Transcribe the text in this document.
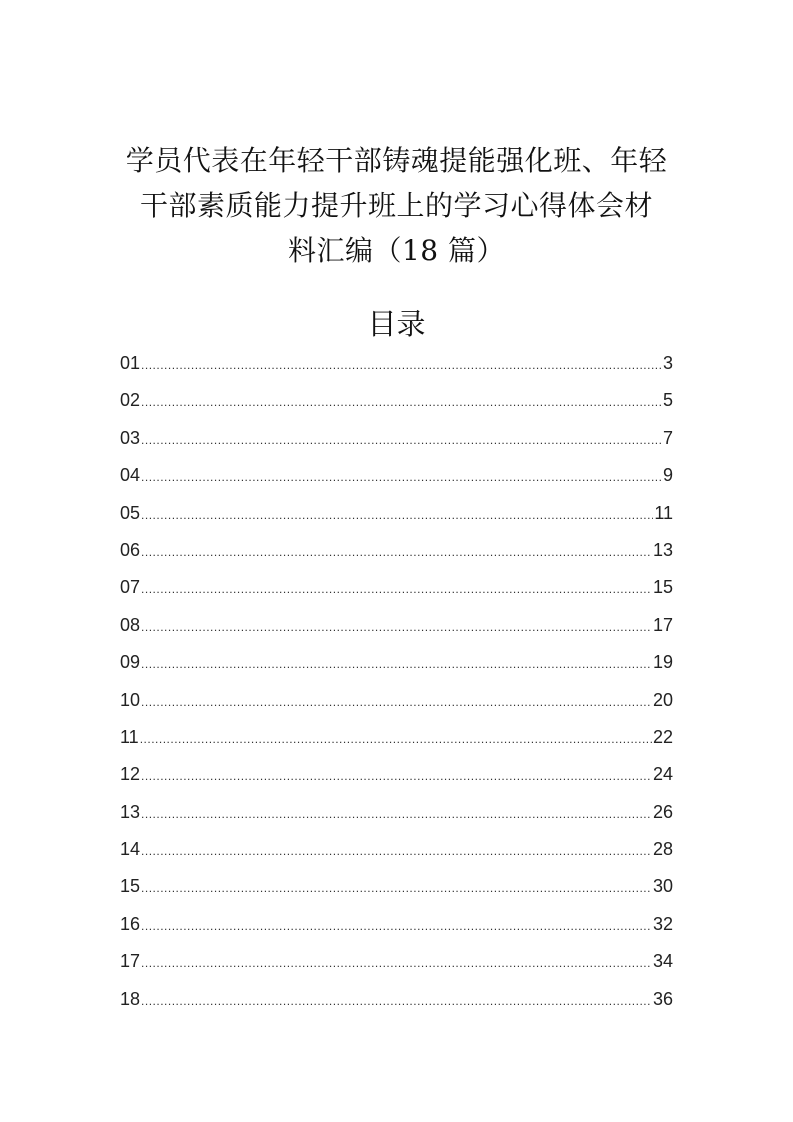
学员代表在年轻干部铸魂提能强化班、年轻
干部素质能力提升班上的学习心得体会材
料汇编（18 篇）
目录
01 .....	3
02 .....	5
03 .....	7
04 .....	9
05 .....	11
06 .....	13
07 .....	15
08 .....	17
09 .....	19
10 .....	20
11 .....	22
12 .....	24
13 .....	26
14 .....	28
15 .....	30
16 .....	32
17 .....	34
18 .....	36
